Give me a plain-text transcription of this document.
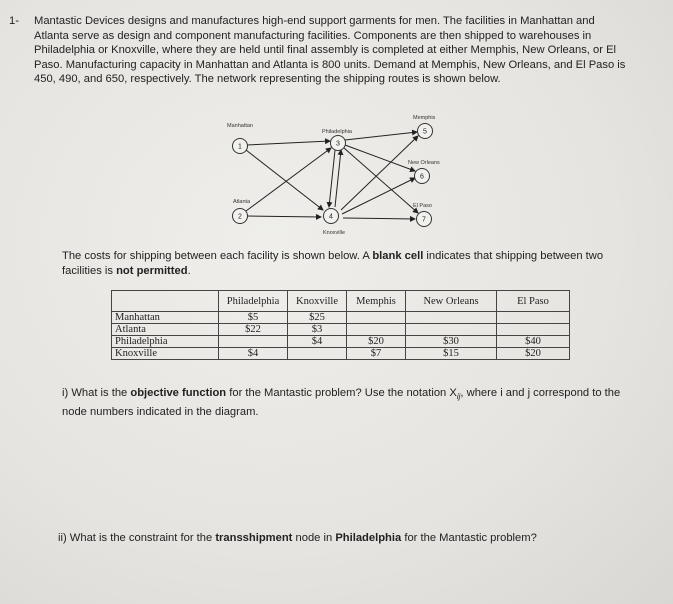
1- Mantastic Devices designs and manufactures high-end support garments for men. The facilities in Manhattan and Atlanta serve as design and component manufacturing facilities. Components are then shipped to warehouses in Philadelphia or Knoxville, where they are held until final assembly is completed at either Memphis, New Orleans, or El Paso. Manufacturing capacity in Manhattan and Atlanta is 800 units. Demand at Memphis, New Orleans, and El Paso is 450, 490, and 650, respectively. The network representing the shipping routes is shown below.
Manhattan
1
Atlanta
2
Philadelphia
3
Knoxville
4
Memphis
5
New Orleans
6
El Paso
7
The costs for shipping between each facility is shown below. A blank cell indicates that shipping between two facilities is not permitted.
	Philadelphia	Knoxville	Memphis	New Orleans	El Paso
Manhattan	$5	$25			
Atlanta	$22	$3			
Philadelphia		$4	$20	$30	$40
Knoxville	$4		$7	$15	$20
i) What is the objective function for the Mantastic problem? Use the notation $X_{ij}$, where i and j correspond to the node numbers indicated in the diagram.
ii) What is the constraint for the transshipment node in Philadelphia for the Mantastic problem?
